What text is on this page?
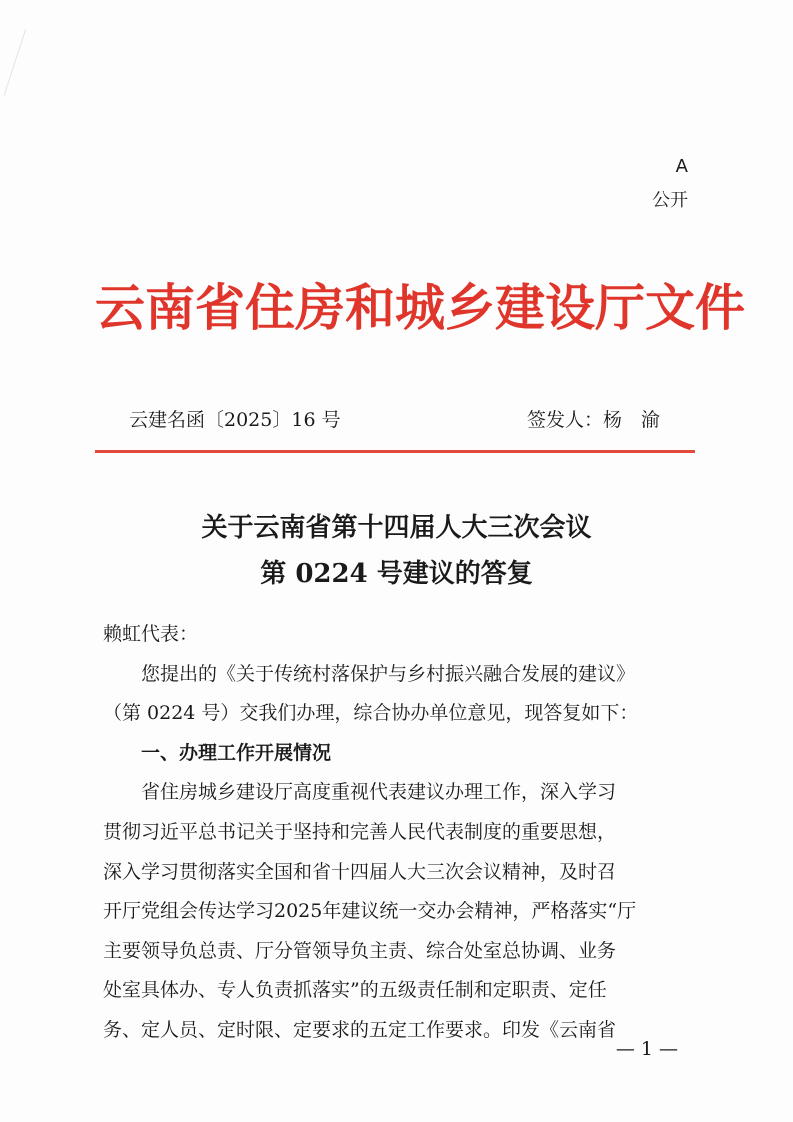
A
公开
云南省住房和城乡建设厅文件
云建名函〔2025〕16 号	签发人：杨　渝
关于云南省第十四届人大三次会议
第 0224 号建议的答复

赖虹代表：

您提出的《关于传统村落保护与乡村振兴融合发展的建议》

（第 0224 号）交我们办理，综合协办单位意见，现答复如下：

一、办理工作开展情况

省住房城乡建设厅高度重视代表建议办理工作，深入学习

贯彻习近平总书记关于坚持和完善人民代表制度的重要思想，

深入学习贯彻落实全国和省十四届人大三次会议精神，及时召

开厅党组会传达学习2025年建议统一交办会精神，严格落实“厅

主要领导负总责、厅分管领导负主责、综合处室总协调、业务

处室具体办、专人负责抓落实”的五级责任制和定职责、定任

务、定人员、定时限、定要求的五定工作要求。印发《云南省

— 1 —
